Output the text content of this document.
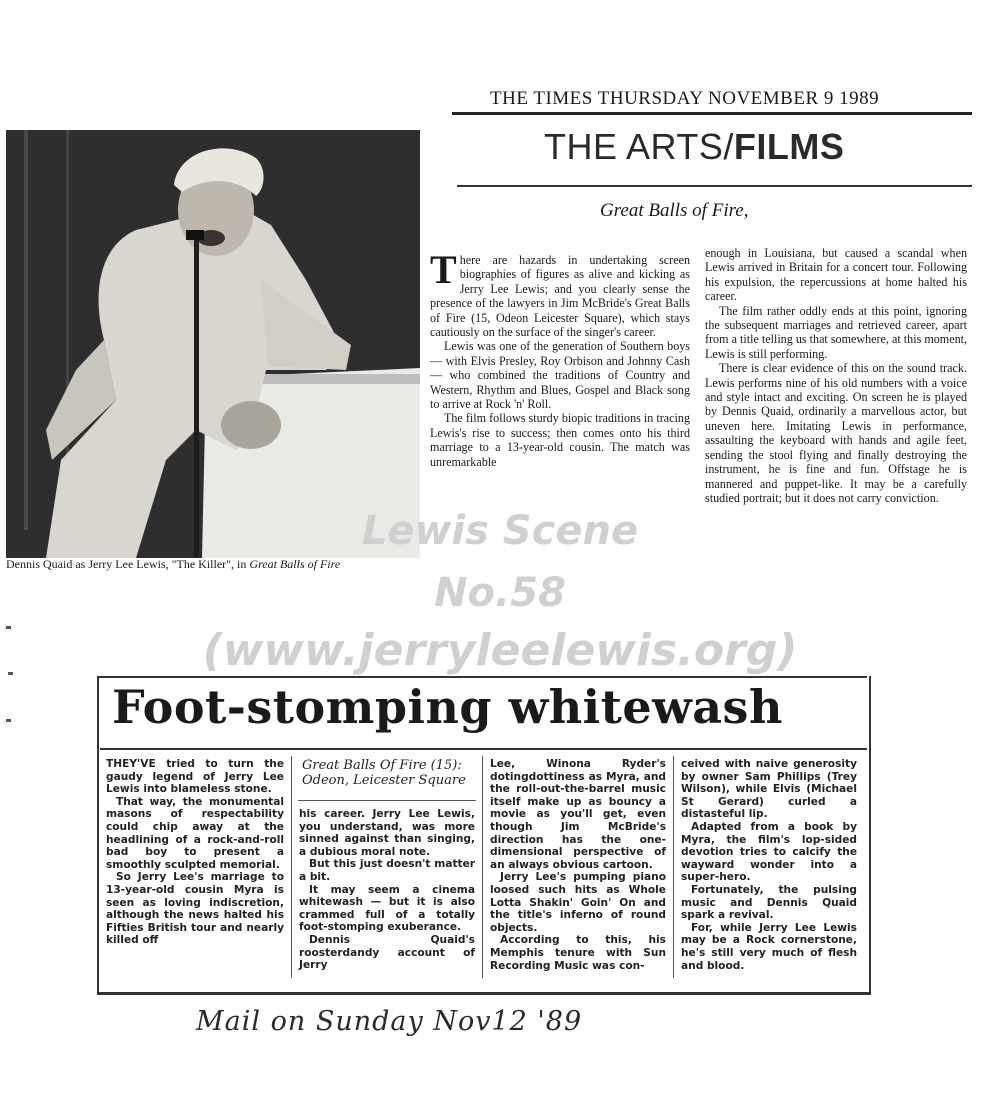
THE TIMES THURSDAY NOVEMBER 9 1989
THE ARTS/FILMS
Great Balls of Fire,
Dennis Quaid as Jerry Lee Lewis, "The Killer", in Great Balls of Fire

There are hazards in undertaking screen biographies of figures as alive and kicking as Jerry Lee Lewis; and you clearly sense the presence of the lawyers in Jim McBride's Great Balls of Fire (15, Odeon Leicester Square), which stays cautiously on the surface of the singer's career.

Lewis was one of the generation of Southern boys — with Elvis Presley, Roy Orbison and Johnny Cash — who combined the traditions of Country and Western, Rhythm and Blues, Gospel and Black song to arrive at Rock 'n' Roll.

The film follows sturdy biopic traditions in tracing Lewis's rise to success; then comes onto his third marriage to a 13-year-old cousin. The match was unremarkable

enough in Louisiana, but caused a scandal when Lewis arrived in Britain for a concert tour. Following his expulsion, the repercussions at home halted his career.

The film rather oddly ends at this point, ignoring the subsequent marriages and retrieved career, apart from a title telling us that somewhere, at this moment, Lewis is still performing.

There is clear evidence of this on the sound track. Lewis performs nine of his old numbers with a voice and style intact and exciting. On screen he is played by Dennis Quaid, ordinarily a marvellous actor, but uneven here. Imitating Lewis in performance, assaulting the keyboard with hands and agile feet, sending the stool flying and finally destroying the instrument, he is fine and fun. Offstage he is mannered and puppet-like. It may be a carefully studied portrait; but it does not carry conviction.

Lewis Scene
No.58
(www.jerryleelewis.org)
Foot-stomping whitewash

THEY'VE tried to turn the gaudy legend of Jerry Lee Lewis into blameless stone.

That way, the monumental masons of respectability could chip away at the headlining of a rock-and-roll bad boy to present a smoothly sculpted memorial.

So Jerry Lee's marriage to 13-year-old cousin Myra is seen as loving indiscretion, although the news halted his Fifties British tour and nearly killed off

Great Balls Of Fire (15): Odeon, Leicester Square

his career. Jerry Lee Lewis, you understand, was more sinned against than singing, a dubious moral note.

But this just doesn't matter a bit.

It may seem a cinema whitewash — but it is also crammed full of a totally foot-stomping exuberance.

Dennis Quaid's roosterdandy account of Jerry

Lee, Winona Ryder's dotingdottiness as Myra, and the roll-out-the-barrel music itself make up as bouncy a movie as you'll get, even though Jim McBride's direction has the one-dimensional perspective of an always obvious cartoon.

Jerry Lee's pumping piano loosed such hits as Whole Lotta Shakin' Goin' On and the title's inferno of round objects.

According to this, his Memphis tenure with Sun Recording Music was con-

ceived with naive generosity by owner Sam Phillips (Trey Wilson), while Elvis (Michael St Gerard) curled a distasteful lip.

Adapted from a book by Myra, the film's lop-sided devotion tries to calcify the wayward wonder into a super-hero.

Fortunately, the pulsing music and Dennis Quaid spark a revival.

For, while Jerry Lee Lewis may be a Rock cornerstone, he's still very much of flesh and blood.

Mail on Sunday Nov12 '89
